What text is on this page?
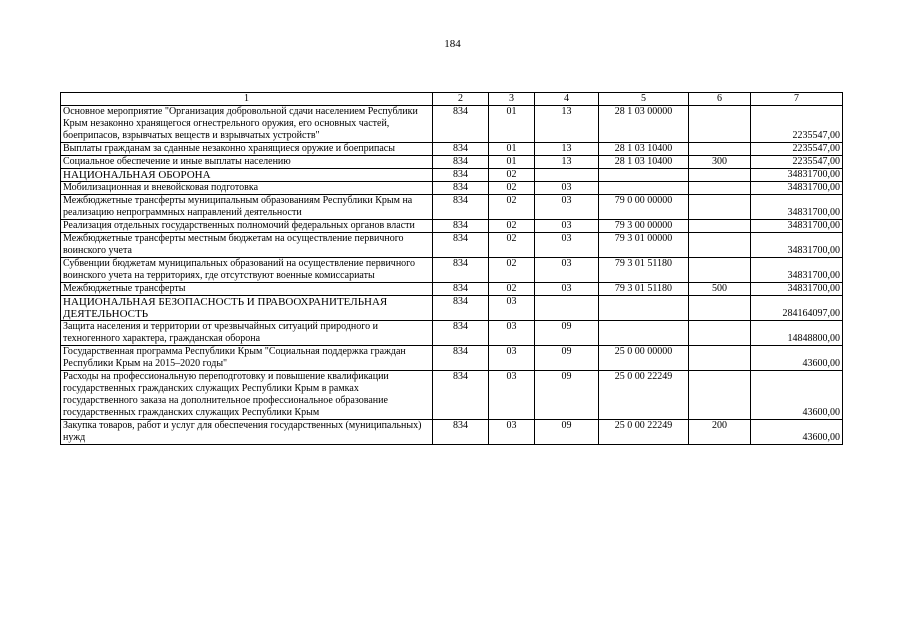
184
1	2	3	4	5	6	7
Основное мероприятие "Организация добровольной сдачи населением Республики Крым незаконно хранящегося огнестрельного оружия, его основных частей, боеприпасов, взрывчатых веществ и взрывчатых устройств"	834	01	13	28 1 03 00000		2235547,00
Выплаты гражданам за сданные незаконно хранящиеся оружие и боеприпасы	834	01	13	28 1 03 10400		2235547,00
Социальное обеспечение и иные выплаты населению	834	01	13	28 1 03 10400	300	2235547,00
НАЦИОНАЛЬНАЯ ОБОРОНА	834	02				34831700,00
Мобилизационная и вневойсковая подготовка	834	02	03			34831700,00
Межбюджетные трансферты муниципальным образованиям Республики Крым на реализацию непрограммных направлений деятельности	834	02	03	79 0 00 00000		34831700,00
Реализация отдельных государственных полномочий федеральных органов власти	834	02	03	79 3 00 00000		34831700,00
Межбюджетные трансферты местным бюджетам на осуществление первичного воинского учета	834	02	03	79 3 01 00000		34831700,00
Субвенции бюджетам муниципальных образований на осуществление первичного воинского учета на территориях, где отсутствуют военные комиссариаты	834	02	03	79 3 01 51180		34831700,00
Межбюджетные трансферты	834	02	03	79 3 01 51180	500	34831700,00
НАЦИОНАЛЬНАЯ БЕЗОПАСНОСТЬ И ПРАВООХРАНИТЕЛЬНАЯ ДЕЯТЕЛЬНОСТЬ	834	03				284164097,00
Защита населения и территории от чрезвычайных ситуаций природного и техногенного характера, гражданская оборона	834	03	09			14848800,00
Государственная программа Республики Крым "Социальная поддержка граждан Республики Крым на 2015–2020 годы"	834	03	09	25 0 00 00000		43600,00
Расходы на профессиональную переподготовку и повышение квалификации государственных гражданских служащих Республики Крым в рамках государственного заказа на дополнительное профессиональное образование государственных гражданских служащих Республики Крым	834	03	09	25 0 00 22249		43600,00
Закупка товаров, работ и услуг для обеспечения государственных (муниципальных) нужд	834	03	09	25 0 00 22249	200	43600,00
